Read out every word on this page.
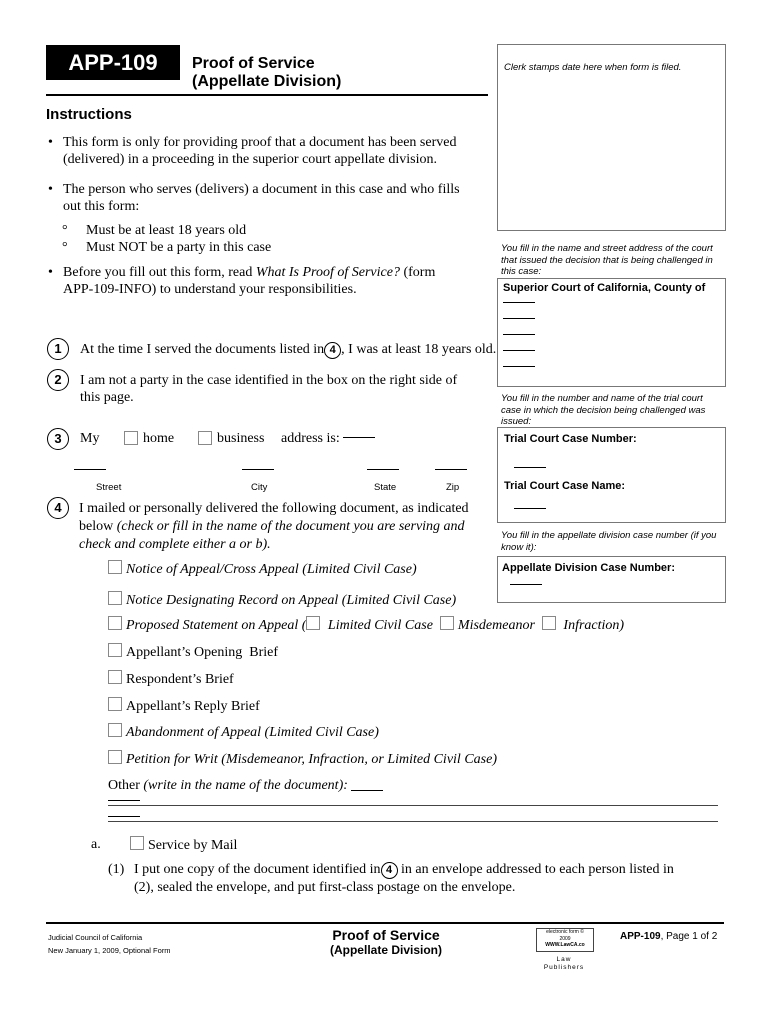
APP-109	Proof of Service
(Appellate Division)
Clerk stamps date here when form is filed.
Instructions
• This form is only for providing proof that a document has been served (delivered) in a proceeding in the superior court appellate division.
• The person who serves (delivers) a document in this case and who fills out this form:
° Must be at least 18 years old
° Must NOT be a party in this case
• Before you fill out this form, read What Is Proof of Service? (form APP-109-INFO) to understand your responsibilities.
You fill in the name and street address of the court that issued the decision that is being challenged in this case:
Superior Court of California, County of
You fill in the number and name of the trial court case in which the decision being challenged was issued:
Trial Court Case Number:
Trial Court Case Name:
You fill in the appellate division case number (if you know it):
Appellate Division Case Number:
1	At the time I served the documents listed in 4 , I was at least 18 years old.
2	I am not a party in the case identified in the box on the right side of this page.
3	My	home	business address is:
Street	City	State	Zip
4	I mailed or personally delivered the following document, as indicated below (check or fill in the name of the document you are serving and check and complete either a or b).
Notice of Appeal/Cross Appeal (Limited Civil Case)
Notice Designating Record on Appeal (Limited Civil Case)
Proposed Statement on Appeal ( Limited Civil Case Misdemeanor Infraction)
Appellant’s Opening  Brief
Respondent’s Brief
Appellant’s Reply Brief
Abandonment of Appeal (Limited Civil Case)
Petition for Writ (Misdemeanor, Infraction, or Limited Civil Case)
Other (write in the name of the document):
a.	Service by Mail
(1) I put one copy of the document identified in 4 in an envelope addressed to each person listed in (2), sealed the envelope, and put first-class postage on the envelope.
Judicial Council of California
New January 1, 2009, Optional Form
Proof of Service
(Appellate Division)
electronic form ©
2009
WWW.LawCA.co
Law
Publishers
APP-109, Page 1 of 2
